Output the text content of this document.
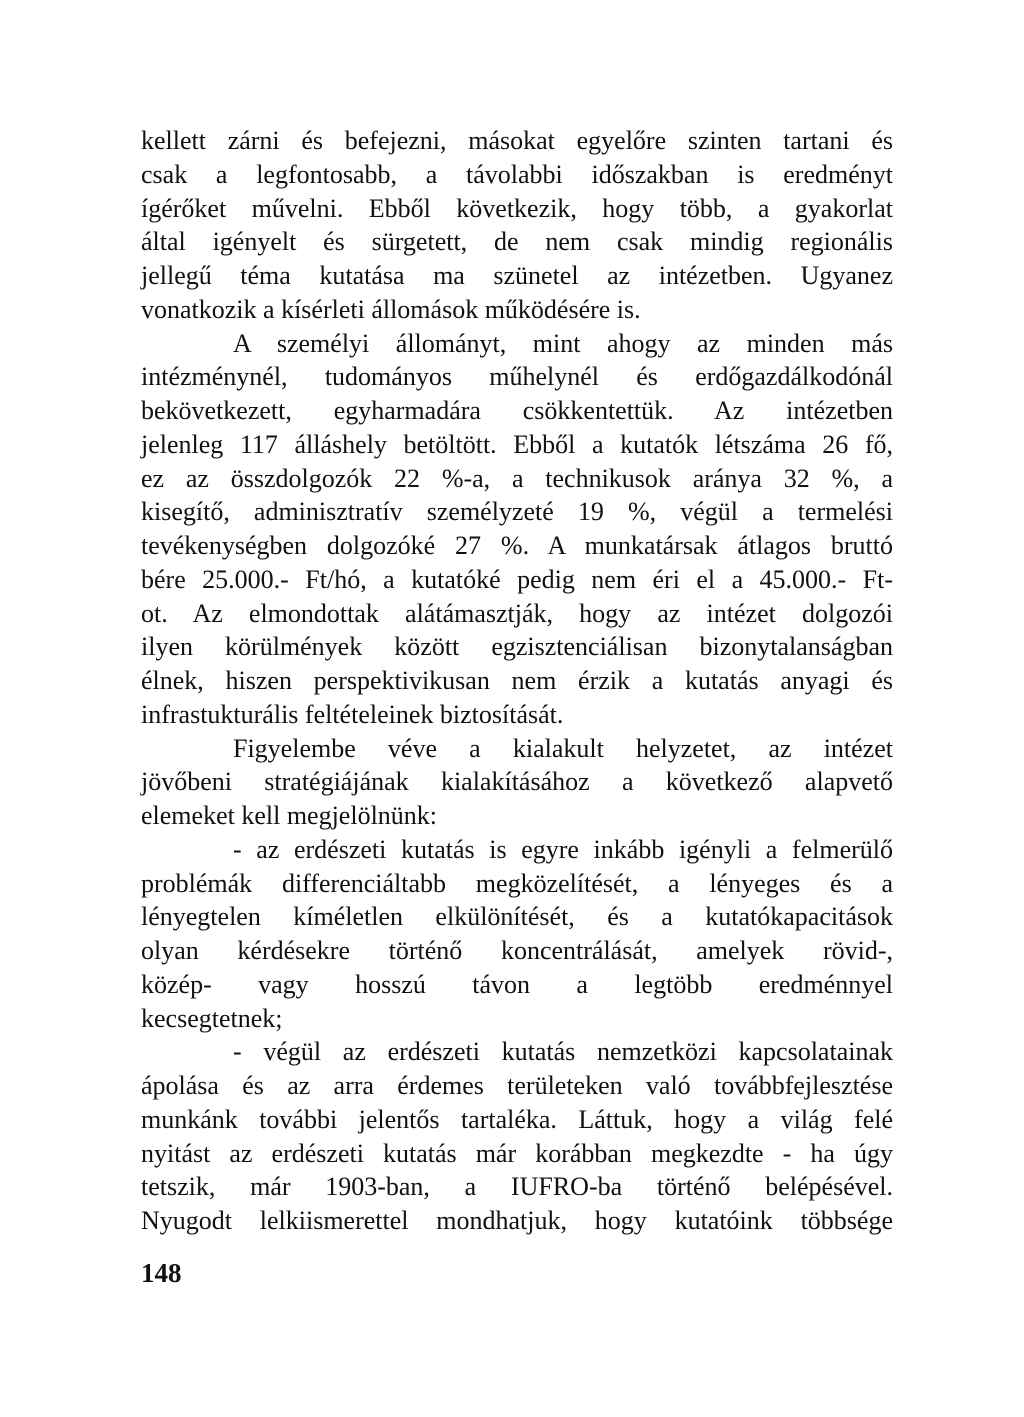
kellett zárni és befejezni, másokat egyelőre szinten tartani és
csak a legfontosabb, a távolabbi időszakban is eredményt
ígérőket művelni. Ebből következik, hogy több, a gyakorlat
által igényelt és sürgetett, de nem csak mindig regionális
jellegű téma kutatása ma szünetel az intézetben. Ugyanez
vonatkozik a kísérleti állomások működésére is.
A személyi állományt, mint ahogy az minden más
intézménynél, tudományos műhelynél és erdőgazdálkodónál
bekövetkezett, egyharmadára csökkentettük. Az intézetben
jelenleg 117 álláshely betöltött. Ebből a kutatók létszáma 26 fő,
ez az összdolgozók 22 %-a, a technikusok aránya 32 %, a
kisegítő, adminisztratív személyzeté 19 %, végül a termelési
tevékenységben dolgozóké 27 %. A munkatársak átlagos bruttó
bére 25.000.- Ft/hó, a kutatóké pedig nem éri el a 45.000.- Ft-
ot. Az elmondottak alátámasztják, hogy az intézet dolgozói
ilyen körülmények között egzisztenciálisan bizonytalanságban
élnek, hiszen perspektivikusan nem érzik a kutatás anyagi és
infrastukturális feltételeinek biztosítását.
Figyelembe véve a kialakult helyzetet, az intézet
jövőbeni stratégiájának kialakításához a következő alapvető
elemeket kell megjelölnünk:
- az erdészeti kutatás is egyre inkább igényli a felmerülő
problémák differenciáltabb megközelítését, a lényeges és a
lényegtelen kíméletlen elkülönítését, és a kutatókapacitások
olyan kérdésekre történő koncentrálását, amelyek rövid-,
közép- vagy hosszú távon a legtöbb eredménnyel
kecsegtetnek;
- végül az erdészeti kutatás nemzetközi kapcsolatainak
ápolása és az arra érdemes területeken való továbbfejlesztése
munkánk további jelentős tartaléka. Láttuk, hogy a világ felé
nyitást az erdészeti kutatás már korábban megkezdte - ha úgy
tetszik, már 1903-ban, a IUFRO-ba történő belépésével.
Nyugodt lelkiismerettel mondhatjuk, hogy kutatóink többsége
148
